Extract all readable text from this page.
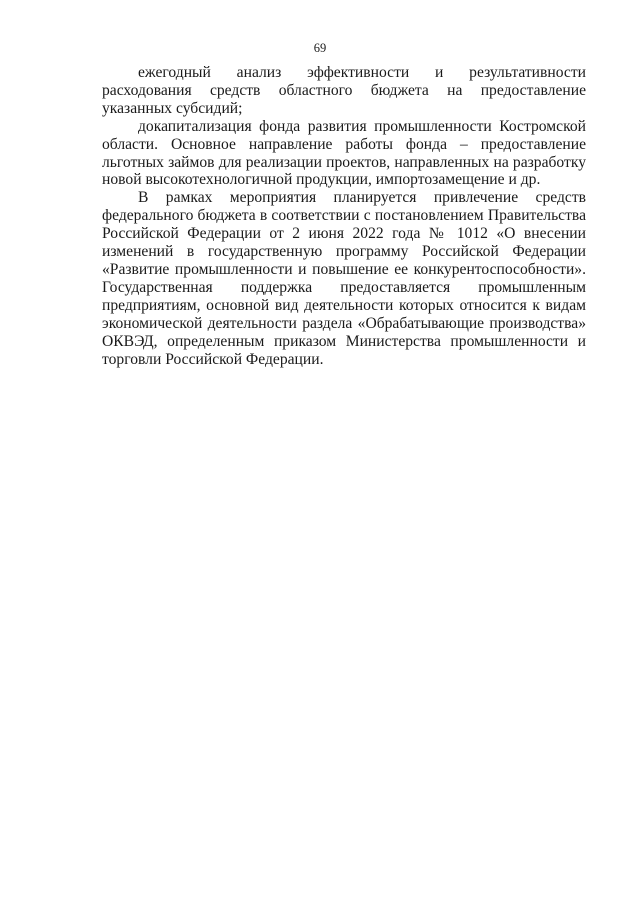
69

ежегодный анализ эффективности и результативности расходования средств областного бюджета на предоставление указанных субсидий;

докапитализация фонда развития промышленности Костромской области. Основное направление работы фонда – предоставление льготных займов для реализации проектов, направленных на разработку новой высокотехнологичной продукции, импортозамещение и др.

В рамках мероприятия планируется привлечение средств федерального бюджета в соответствии с постановлением Правительства Российской Федерации от 2 июня 2022 года № 1012 «О внесении изменений в государственную программу Российской Федерации «Развитие промышленности и повышение ее конкурентоспособности». Государственная поддержка предоставляется промышленным предприятиям, основной вид деятельности которых относится к видам экономической деятельности раздела «Обрабатывающие производства» ОКВЭД, определенным приказом Министерства промышленности и торговли Российской Федерации.
